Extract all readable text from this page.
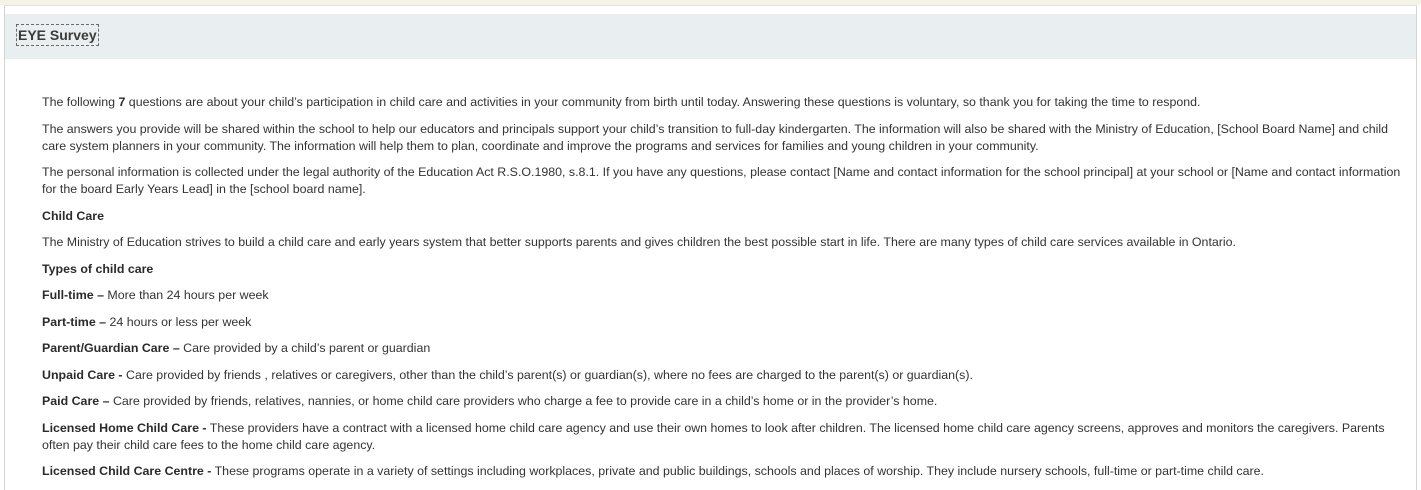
EYE Survey

The following 7 questions are about your child’s participation in child care and activities in your community from birth until today. Answering these questions is voluntary, so thank you for taking the time to respond.

The answers you provide will be shared within the school to help our educators and principals support your child’s transition to full-day kindergarten. The information will also be shared with the Ministry of Education, [School Board Name] and child care system planners in your community. The information will help them to plan, coordinate and improve the programs and services for families and young children in your community.

The personal information is collected under the legal authority of the Education Act R.S.O.1980, s.8.1. If you have any questions, please contact [Name and contact information for the school principal] at your school or [Name and contact information for the board Early Years Lead] in the [school board name].

Child Care

The Ministry of Education strives to build a child care and early years system that better supports parents and gives children the best possible start in life. There are many types of child care services available in Ontario.

Types of child care

Full-time – More than 24 hours per week

Part-time – 24 hours or less per week

Parent/Guardian Care – Care provided by a child’s parent or guardian

Unpaid Care - Care provided by friends , relatives or caregivers, other than the child’s parent(s) or guardian(s), where no fees are charged to the parent(s) or guardian(s).

Paid Care – Care provided by friends, relatives, nannies, or home child care providers who charge a fee to provide care in a child’s home or in the provider’s home.

Licensed Home Child Care - These providers have a contract with a licensed home child care agency and use their own homes to look after children. The licensed home child care agency screens, approves and monitors the caregivers. Parents often pay their child care fees to the home child care agency.

Licensed Child Care Centre - These programs operate in a variety of settings including workplaces, private and public buildings, schools and places of worship. They include nursery schools, full-time or part-time child care.
